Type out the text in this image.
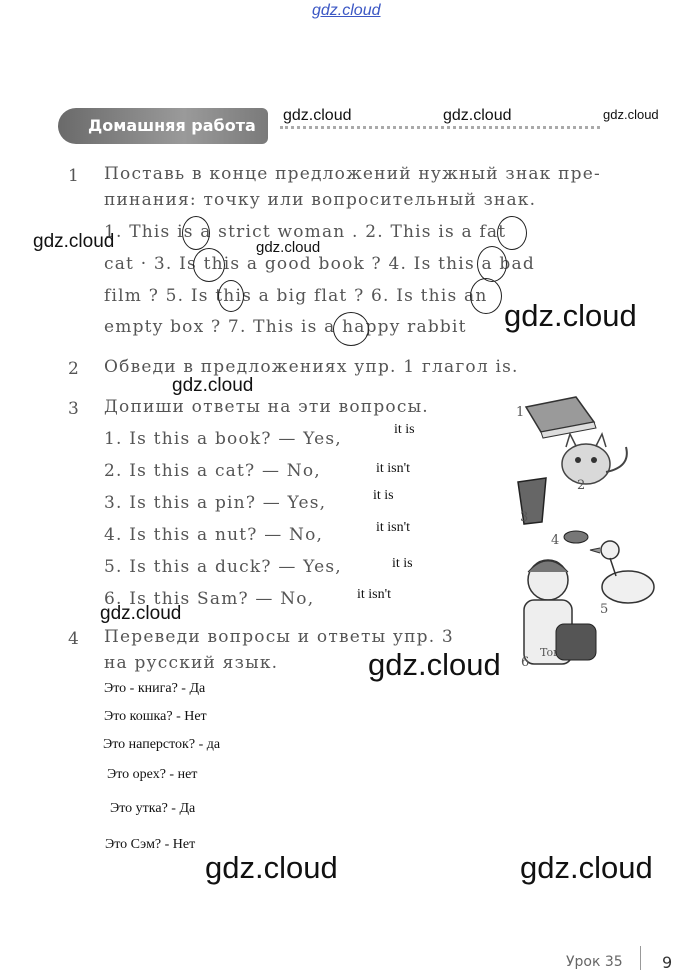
gdz.cloud
Домашняя работа
1 Поставь в конце предложений нужный знак пре-
пинания: точку или вопросительный знак.
1. This is a strict woman . 2. This is a fat
cat · 3. Is this a good book ? 4. Is this a bad
film ? 5. Is this a big flat ? 6. Is this an
empty box ? 7. This is a happy rabbit
2 Обведи в предложениях упр. 1 глагол is.
3 Допиши ответы на эти вопросы.
1. Is this a book? — Yes,
2. Is this a cat? — No,
3. Is this a pin? — Yes,
4. Is this a nut? — No,
5. Is this a duck? — Yes,
6. Is this Sam? — No,
it is
it isn't
it is
it isn't
it is
it isn't
1
2
3
4
5
6
Tom
4 Переведи вопросы и ответы упр. 3
на русский язык.
Это - книга? - Да
Это кошка? - Нет
Это наперсток? - да
Это орех? - нет
Это утка? - Да
Это Сэм? - Нет
gdz.cloud	gdz.cloud	gdz.cloud
gdz.cloud	gdz.cloud
gdz.cloud
gdz.cloud
gdz.cloud
gdz.cloud
gdz.cloud	gdz.cloud
Урок 35 9
